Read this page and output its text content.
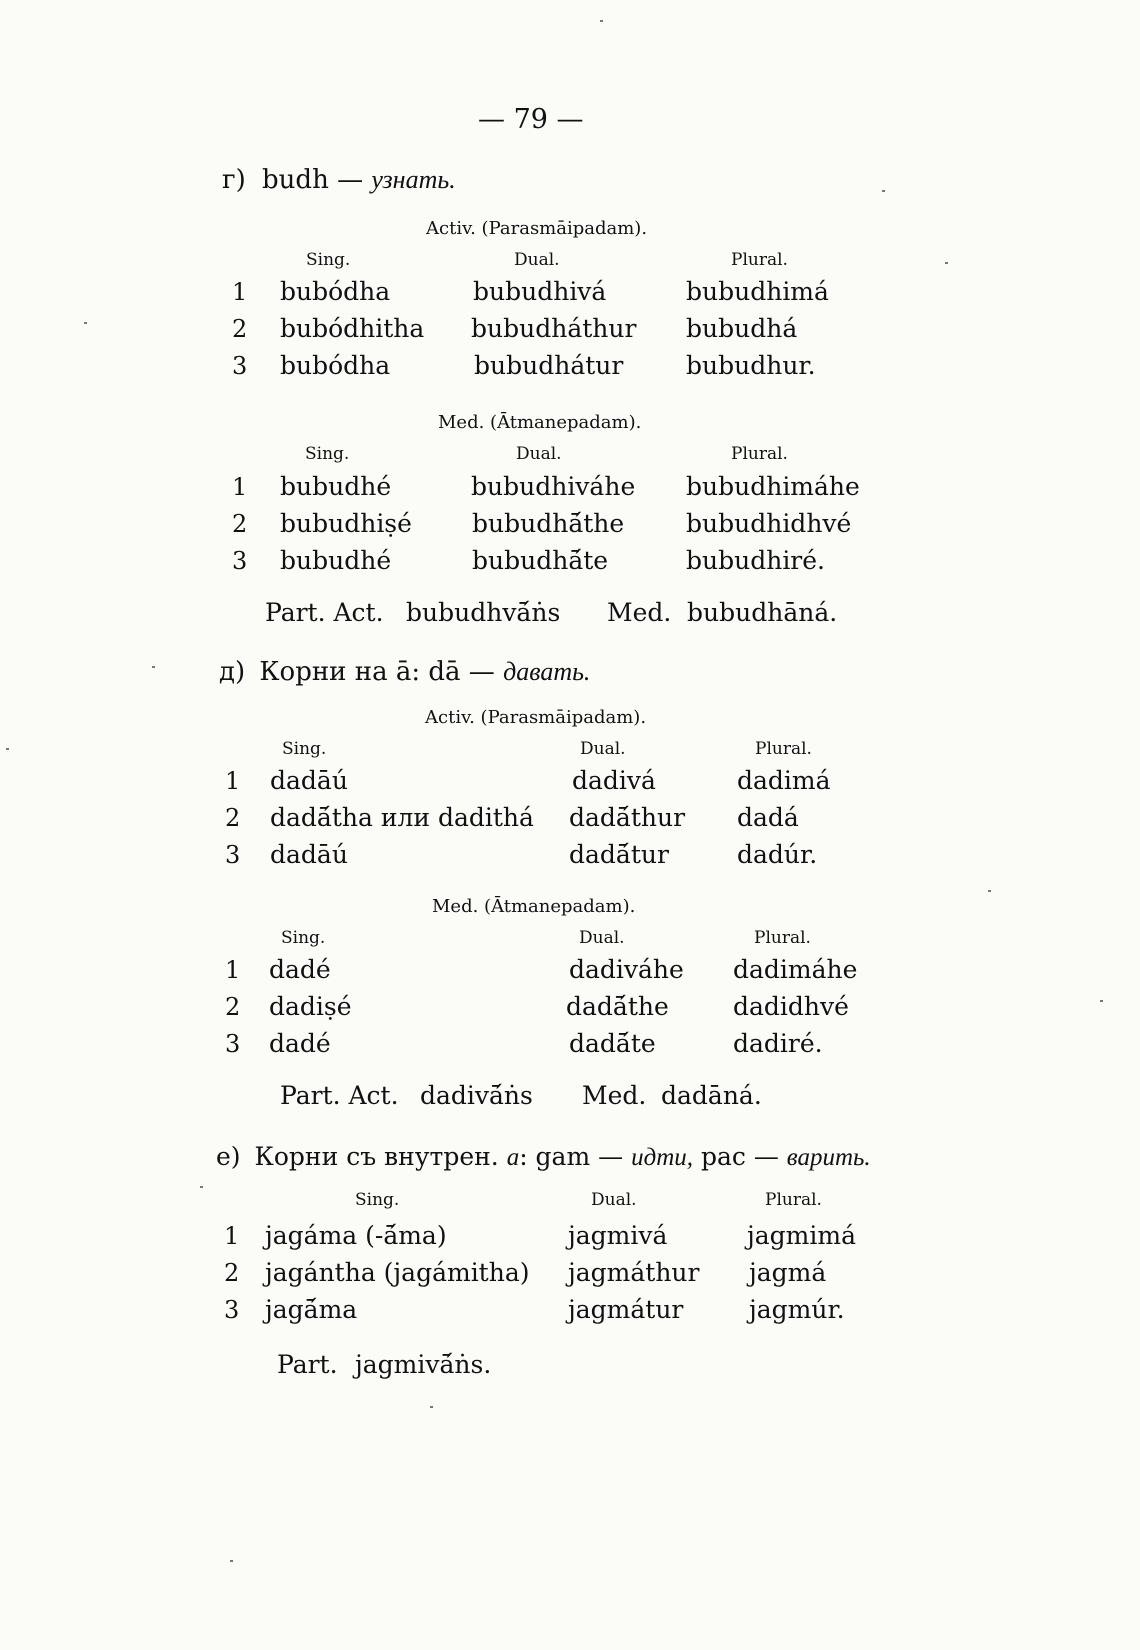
— 79 —
г) budh — узнать.
Activ. (Parasmāipadam).
Sing.	Dual.	Plural.
1 bubódha	bubudhivá	bubudhimá
2 bubódhitha bubudháthur bubudhá
3 bubódha	bubudhátur	bubudhur.
Med. (Ātmanepadam).
Sing.	Dual.	Plural.
1 bubudhé	bubudhiváhe bubudhimáhe
2 bubudhiṣé bubudhā́the bubudhidhvé
3 bubudhé	bubudhā́te	bubudhiré.
Part. Act. bubudhvā́ṅs Med. bubudhāná.
д) Корни на ā: dā — давать.
Activ. (Parasmāipadam).
Sing.	Dual.	Plural.
1 dadāú	dadivá	dadimá
2 dadā́tha или dadithá dadā́thur dadá
3 dadāú	dadā́tur	dadúr.
Med. (Ātmanepadam).
Sing.	Dual.	Plural.
1 dadé	dadiváhe dadimáhe
2 dadiṣé	dadā́the	dadidhvé
3 dadé	dadā́te	dadiré.
Part. Act. dadivā́ṅs Med. dadāná.
е) Корни съ внутрен. a: gam — идти, pac — варить.
Sing.	Dual.	Plural.
1 jagáma (-ā́ma)	jagmivá	jagmimá
2 jagántha (jagámitha) jagmáthur jagmá
3 jagā́ma	jagmátur	jagmúr.
Part. jagmivā́ṅs.
